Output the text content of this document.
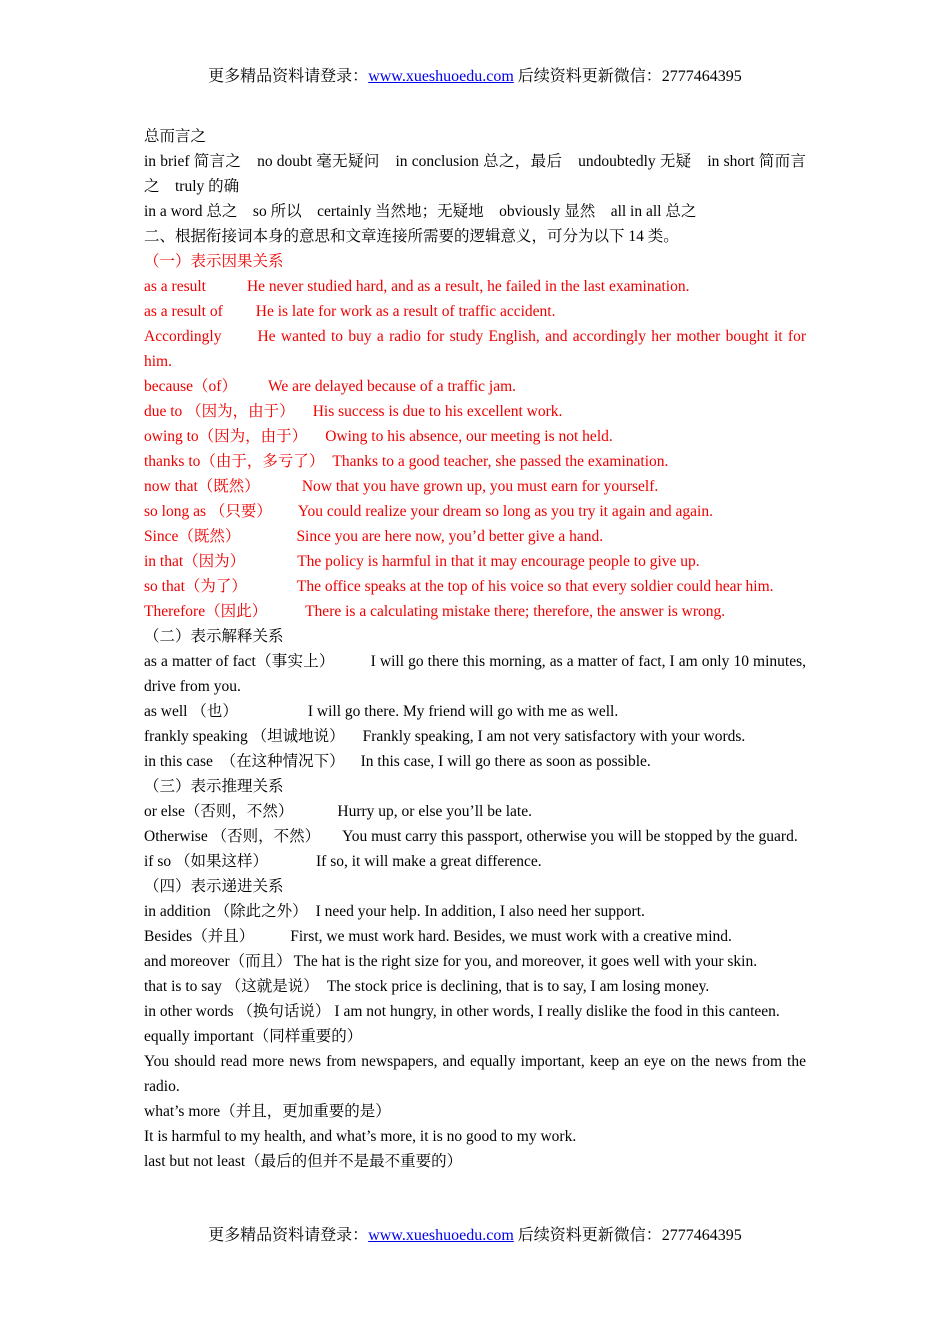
更多精品资料请登录：www.xueshuoedu.com 后续资料更新微信：2777464395

总而言之

in brief 简言之　no doubt 毫无疑问　in conclusion 总之，最后　undoubtedly 无疑　in short 简而言之　truly 的确

in a word 总之　so 所以　certainly 当然地；无疑地　obviously 显然　all in all 总之

二、根据衔接词本身的意思和文章连接所需要的逻辑意义，可分为以下 14 类。

（一）表示因果关系

as a result	He never studied hard, and as a result, he failed in the last examination.

as a result of He is late for work as a result of traffic accident.

Accordingly He wanted to buy a radio for study English, and accordingly her mother bought it for him.

because（of） We are delayed because of a traffic jam.

due to （因为，由于） His success is due to his excellent work.

owing to（因为，由于） Owing to his absence, our meeting is not held.

thanks to（由于，多亏了） Thanks to a good teacher, she passed the examination.

now that（既然）	Now that you have grown up, you must earn for yourself.

so long as （只要） You could realize your dream so long as you try it again and again.

Since（既然）	Since you are here now, you’d better give a hand.

in that（因为）	The policy is harmful in that it may encourage people to give up.

so that（为了）	The office speaks at the top of his voice so that every soldier could hear him.

Therefore（因此） There is a calculating mistake there; therefore, the answer is wrong.

（二）表示解释关系

as a matter of fact（事实上） I will go there this morning, as a matter of fact, I am only 10 minutes, drive from you.

as well （也）	I will go there. My friend will go with me as well.

frankly speaking （坦诚地说） Frankly speaking, I am not very satisfactory with your words.

in this case　（在这种情况下） In this case, I will go there as soon as possible.

（三）表示推理关系

or else（否则，不然）	Hurry up, or else you’ll be late.

Otherwise （否则，不然） You must carry this passport, otherwise you will be stopped by the guard.

if so （如果这样）	If so, it will make a great difference.

（四）表示递进关系

in addition （除此之外） I need your help. In addition, I also need her support.

Besides（并且） First, we must work hard. Besides, we must work with a creative mind.

and moreover（而且） The hat is the right size for you, and moreover, it goes well with your skin.

that is to say （这就是说） The stock price is declining, that is to say, I am losing money.

in other words （换句话说） I am not hungry, in other words, I really dislike the food in this canteen.

equally important（同样重要的）

You should read more news from newspapers, and equally important, keep an eye on the news from the radio.

what’s more（并且，更加重要的是）

It is harmful to my health, and what’s more, it is no good to my work.

last but not least（最后的但并不是最不重要的）

更多精品资料请登录：www.xueshuoedu.com 后续资料更新微信：2777464395
